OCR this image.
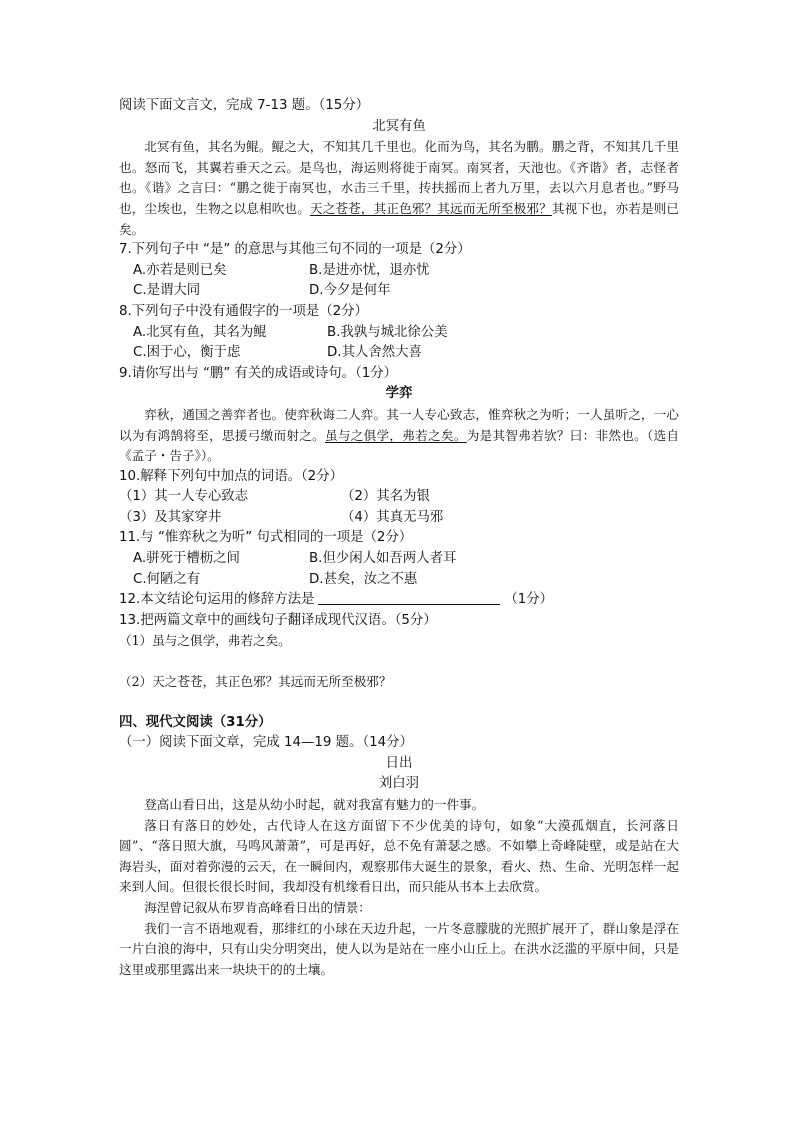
阅读下面文言文，完成 7-13 题。（15分）
北冥有鱼
北冥有鱼，其名为鲲。鲲之大，不知其几千里也。化而为鸟，其名为鹏。鹏之背，不知其几千里也。怒而飞，其翼若垂天之云。是鸟也，海运则将徙于南冥。南冥者，天池也。《齐谐》者，志怪者也。《谐》之言曰：“鹏之徙于南冥也，水击三千里，抟扶摇而上者九万里，去以六月息者也。”野马也，尘埃也，生物之以息相吹也。天之苍苍，其正色邪？其远而无所至极邪？其视下也，亦若是则已矣。
7.下列句子中 “是” 的意思与其他三句不同的一项是（2分）
A.亦若是则已矣	B.是进亦忧，退亦忧
C.是谓大同	D.今夕是何年
8.下列句子中没有通假字的一项是（2分）
A.北冥有鱼，其名为鲲	B.我孰与城北徐公美
C.困于心，衡于虑	D.其人舍然大喜
9.请你写出与 “鹏” 有关的成语或诗句。（1分）
学弈
弈秋，通国之善弈者也。使弈秋诲二人弈。其一人专心致志，惟弈秋之为听；一人虽听之，一心以为有鸿鹄将至，思援弓缴而射之。虽与之俱学，弗若之矣。为是其智弗若欤？曰：非然也。（选自《孟子・告子》）。
10.解释下列句中加点的词语。（2分）
（1）其一人专心致志	（2）其名为银
（3）及其家穿井	（4）其真无马邪
11.与 “惟弈秋之为听” 句式相同的一项是（2分）
A.骈死于槽枥之间	B.但少闲人如吾两人者耳
C.何陋之有	D.甚矣，汝之不惠
12.本文结论句运用的修辞方法是	（1分）
13.把两篇文章中的画线句子翻译成现代汉语。（5分）
（1）虽与之俱学，弗若之矣。
（2）天之苍苍，其正色邪？其远而无所至极邪？
四、现代文阅读（31分）
（一）阅读下面文章，完成 14—19 题。（14分）
日出
刘白羽
登高山看日出，这是从幼小时起，就对我富有魅力的一件事。
落日有落日的妙处，古代诗人在这方面留下不少优美的诗句，如象“大漠孤烟直，长河落日圆”、“落日照大旗，马鸣风萧萧”，可是再好，总不免有萧瑟之感。不如攀上奇峰陡壁，或是站在大海岩头，面对着弥漫的云天，在一瞬间内，观察那伟大诞生的景象，看火、热、生命、光明怎样一起来到人间。但很长很长时间，我却没有机缘看日出，而只能从书本上去欣赏。
海涅曾记叙从布罗肯高峰看日出的情景：
我们一言不语地观看，那绯红的小球在天边升起，一片冬意朦胧的光照扩展开了，群山象是浮在一片白浪的海中，只有山尖分明突出，使人以为是站在一座小山丘上。在洪水泛滥的平原中间，只是这里或那里露出来一块块干的的土壤。
